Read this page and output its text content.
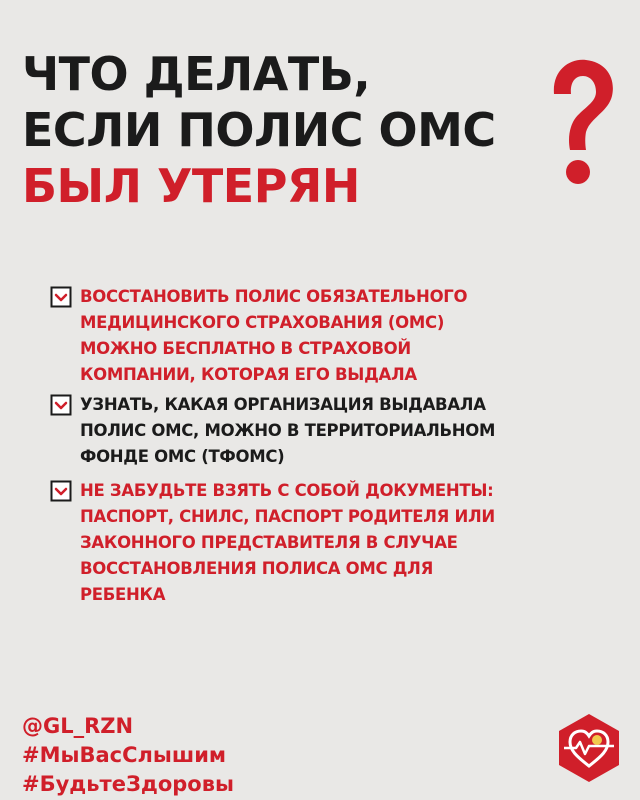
ЧТО ДЕЛАТЬ,
ЕСЛИ ПОЛИС ОМС
БЫЛ УТЕРЯН
ВОССТАНОВИТЬ ПОЛИС ОБЯЗАТЕЛЬНОГО
МЕДИЦИНСКОГО СТРАХОВАНИЯ (ОМС)
МОЖНО БЕСПЛАТНО В СТРАХОВОЙ
КОМПАНИИ, КОТОРАЯ ЕГО ВЫДАЛА
УЗНАТЬ, КАКАЯ ОРГАНИЗАЦИЯ ВЫДАВАЛА
ПОЛИС ОМС, МОЖНО В ТЕРРИТОРИАЛЬНОМ
ФОНДЕ ОМС (ТФОМС)
НЕ ЗАБУДЬТЕ ВЗЯТЬ С СОБОЙ ДОКУМЕНТЫ:
ПАСПОРТ, СНИЛС, ПАСПОРТ РОДИТЕЛЯ ИЛИ
ЗАКОННОГО ПРЕДСТАВИТЕЛЯ В СЛУЧАЕ
ВОССТАНОВЛЕНИЯ ПОЛИСА ОМС ДЛЯ
РЕБЕНКА
@GL_RZN
#МыВасСлышим
#БудьтеЗдоровы
